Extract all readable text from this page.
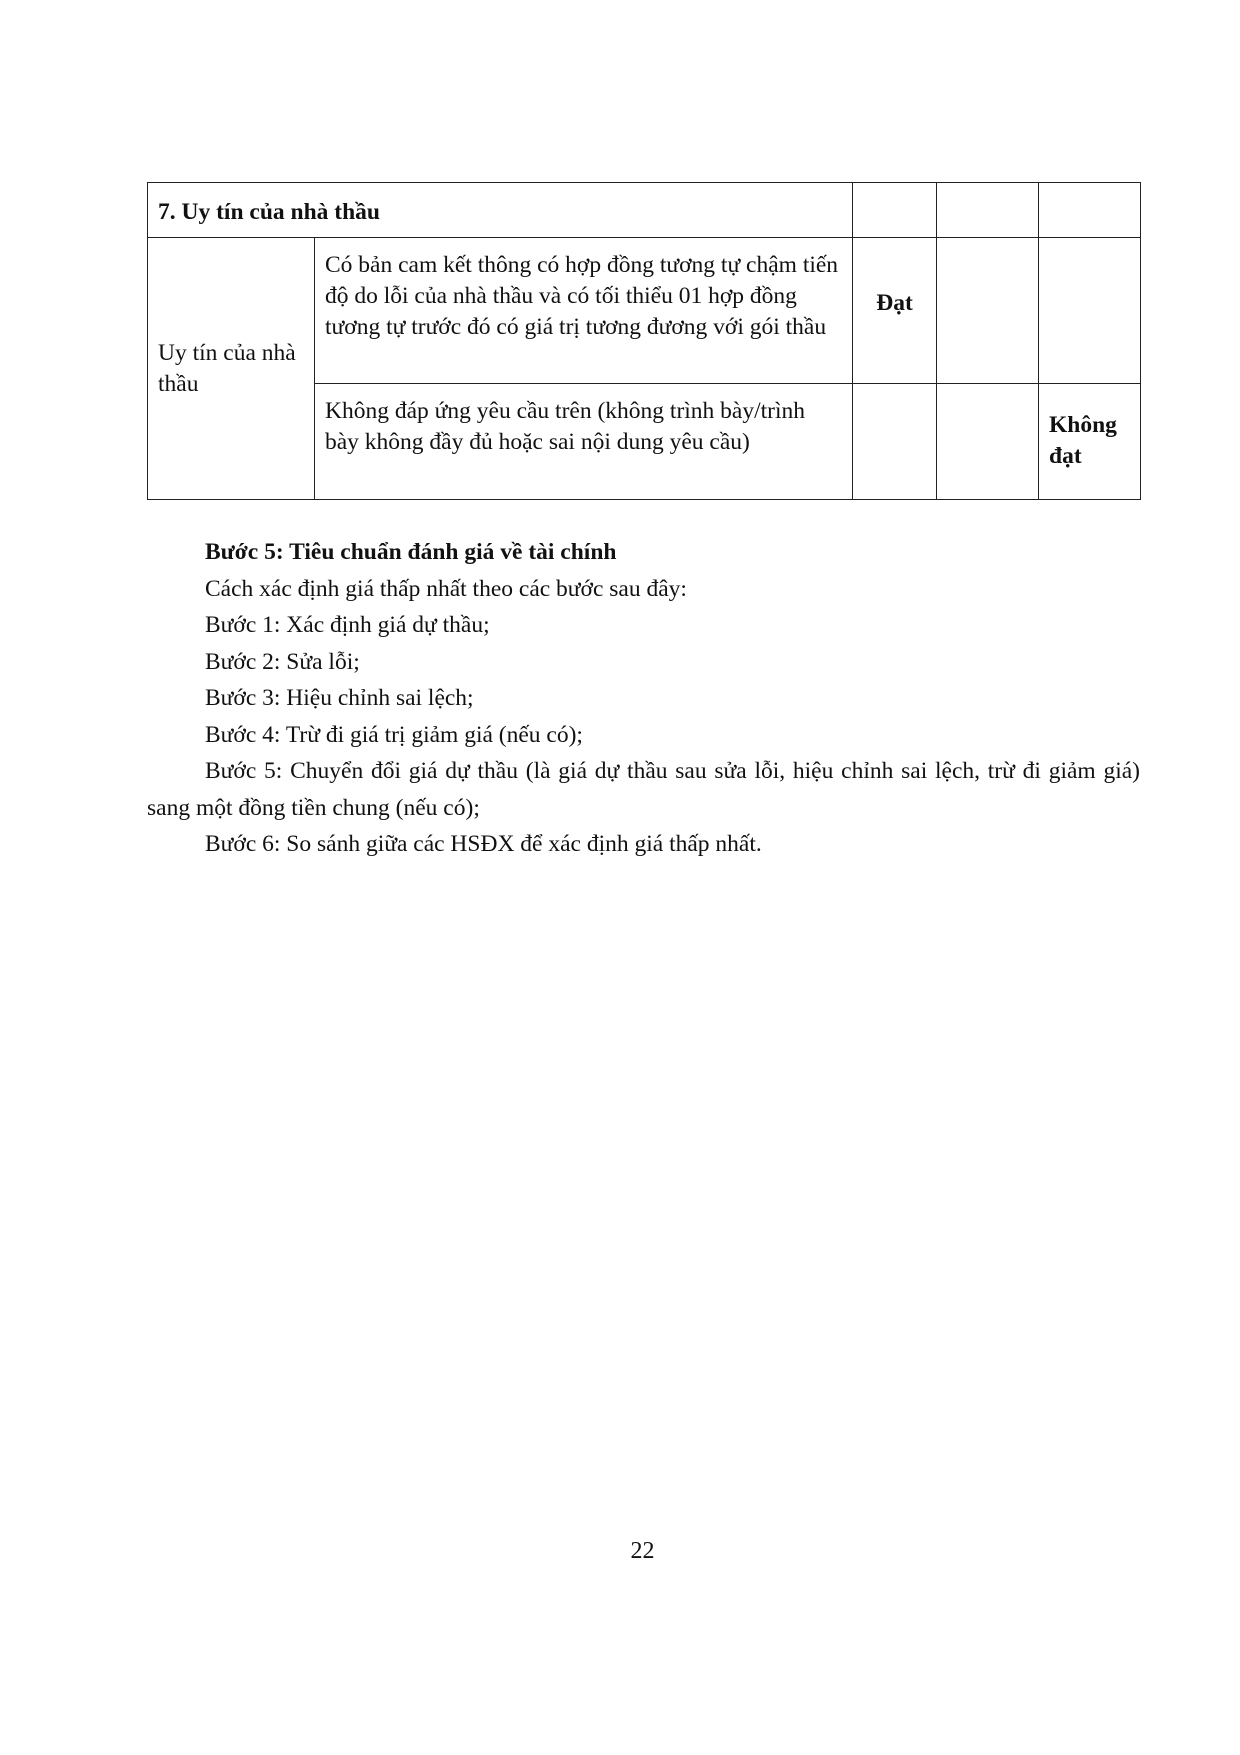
7. Uy tín của nhà thầu				
Uy tín của nhà thầu	Có bản cam kết thông có hợp đồng tương tự chậm tiến độ do lỗi của nhà thầu và có tối thiểu 01 hợp đồng tương tự trước đó có giá trị tương đương với gói thầu	Đạt		
	Không đáp ứng yêu cầu trên (không trình bày/trình bày không đầy đủ hoặc sai nội dung yêu cầu)			Không đạt

Bước 5: Tiêu chuẩn đánh giá về tài chính

Cách xác định giá thấp nhất theo các bước sau đây:

Bước 1: Xác định giá dự thầu;

Bước 2: Sửa lỗi;

Bước 3: Hiệu chỉnh sai lệch;

Bước 4: Trừ đi giá trị giảm giá (nếu có);

Bước 5: Chuyển đổi giá dự thầu (là giá dự thầu sau sửa lỗi, hiệu chỉnh sai lệch, trừ đi giảm giá) sang một đồng tiền chung (nếu có);

Bước 6: So sánh giữa các HSĐX để xác định giá thấp nhất.

22
